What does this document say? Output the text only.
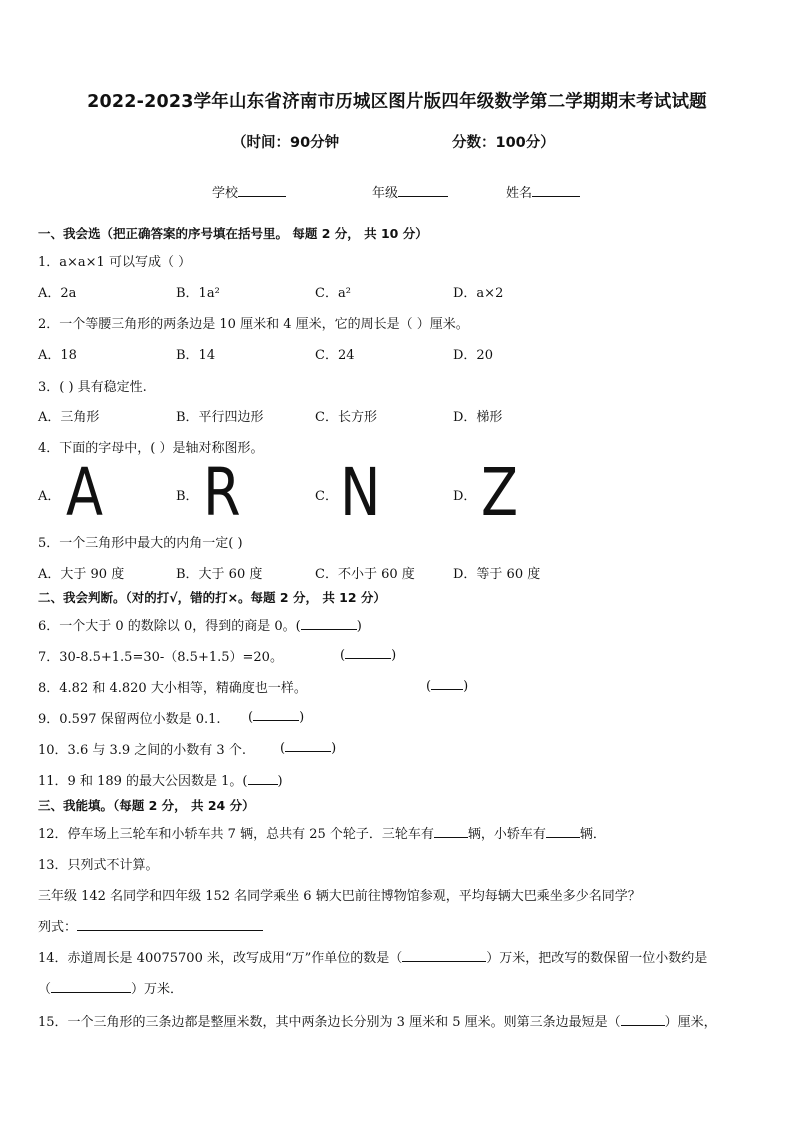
2022-2023学年山东省济南市历城区图片版四年级数学第二学期期末考试试题
（时间：90分钟	分数：100分）
学校	年级	姓名
一、我会选（把正确答案的序号填在括号里。 每题 2 分， 共 10 分）
1．a×a×1 可以写成（ ）
A．2a	B．1a²	C．a²	D．a×2
2．一个等腰三角形的两条边是 10 厘米和 4 厘米，它的周长是（ ）厘米。
A．18	B．14	C．24	D．20
3．( ) 具有稳定性.
A．三角形	B．平行四边形	C．长方形	D．梯形
4．下面的字母中，( ）是轴对称图形。
A． A	B． R	C． N	D． Z
5．一个三角形中最大的内角一定( )
A．大于 90 度	B．大于 60 度	C．不小于 60 度	D．等于 60 度
二、我会判断。（对的打√，错的打×。每题 2 分， 共 12 分）
6．一个大于 0 的数除以 0，得到的商是 0。(	)
7．30-8.5+1.5=30-（8.5+1.5）=20。	(	)
8．4.82 和 4.820 大小相等，精确度也一样。	( )
9．0.597 保留两位小数是 0.1. (	)
10．3.6 与 3.9 之间的小数有 3 个.	(	)
11．9 和 189 的最大公因数是 1。( )
三、我能填。（每题 2 分， 共 24 分）
12．停车场上三轮车和小轿车共 7 辆，总共有 25 个轮子．三轮车有	辆，小轿车有	辆．
13．只列式不计算。
三年级 142 名同学和四年级 152 名同学乘坐 6 辆大巴前往博物馆参观，平均每辆大巴乘坐多少名同学？
列式：
14．赤道周长是 40075700 米，改写成用“万”作单位的数是（	）万米，把改写的数保留一位小数约是
（	）万米．
15．一个三角形的三条边都是整厘米数，其中两条边长分别为 3 厘米和 5 厘米。则第三条边最短是（	）厘米，
